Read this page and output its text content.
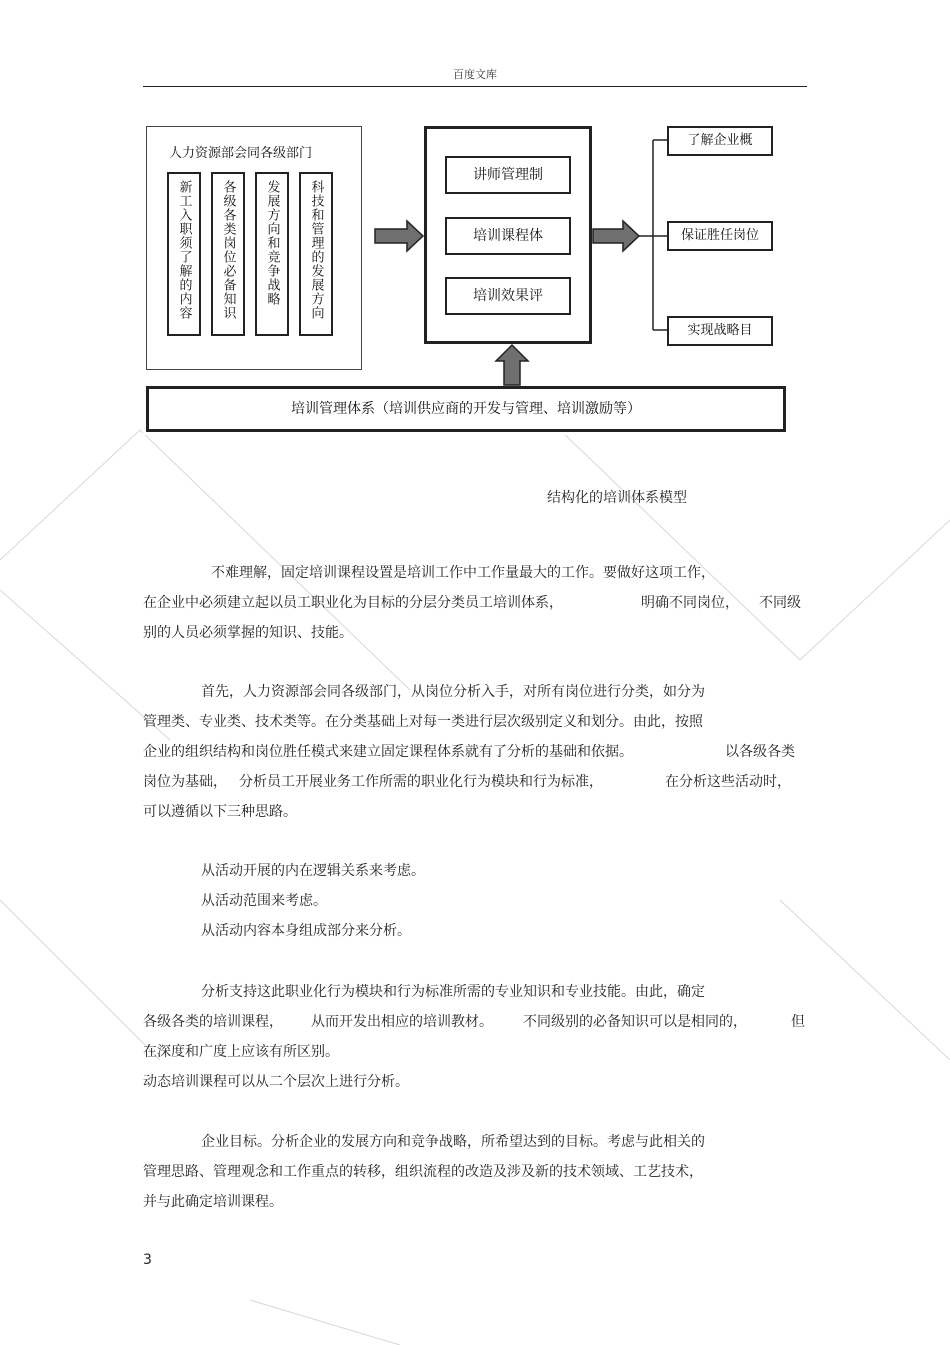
百度文库
人力资源部会同各级部门
新工入职须了解的内容	各级各类岗位必备知识	发展方向和竞争战略	科技和管理的发展方向
讲师管理制
培训课程体
培训效果评
了解企业概
保证胜任岗位
实现战略目
培训管理体系（培训供应商的开发与管理、培训激励等）
结构化的培训体系模型
不难理解，固定培训课程设置是培训工作中工作量最大的工作。要做好这项工作，
在企业中必须建立起以员工职业化为目标的分层分类员工培训体系，	明确不同岗位， 不同级
别的人员必须掌握的知识、技能。
首先，人力资源部会同各级部门，从岗位分析入手，对所有岗位进行分类，如分为
管理类、专业类、技术类等。在分类基础上对每一类进行层次级别定义和划分。由此，按照
企业的组织结构和岗位胜任模式来建立固定课程体系就有了分析的基础和依据。	以各级各类
岗位为基础， 分析员工开展业务工作所需的职业化行为模块和行为标准，	在分析这些活动时，
可以遵循以下三种思路。
从活动开展的内在逻辑关系来考虑。
从活动范围来考虑。
从活动内容本身组成部分来分析。
分析支持这此职业化行为模块和行为标准所需的专业知识和专业技能。由此，确定
各级各类的培训课程， 从而开发出相应的培训教材。 不同级别的必备知识可以是相同的，	但
在深度和广度上应该有所区别。
动态培训课程可以从二个层次上进行分析。
企业目标。分析企业的发展方向和竞争战略，所希望达到的目标。考虑与此相关的
管理思路、管理观念和工作重点的转移，组织流程的改造及涉及新的技术领域、工艺技术，
并与此确定培训课程。
3
